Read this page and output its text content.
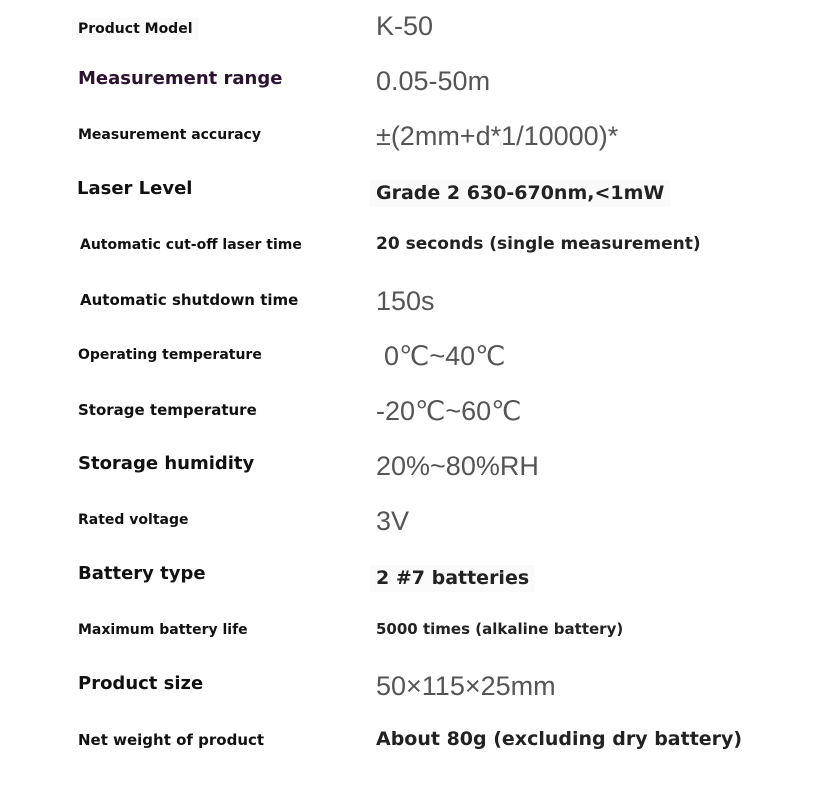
Product Model	K-50
Measurement range	0.05-50m
Measurement accuracy	±(2mm+d*1/10000)*
Laser Level	Grade 2 630-670nm,<1mW
Automatic cut-off laser time	20 seconds (single measurement)
Automatic shutdown time	150s
Operating temperature	0℃~40℃
Storage temperature	-20℃~60℃
Storage humidity	20%~80%RH
Rated voltage	3V
Battery type	2 #7 batteries
Maximum battery life	5000 times (alkaline battery)
Product size	50×115×25mm
Net weight of product	About 80g (excluding dry battery)
